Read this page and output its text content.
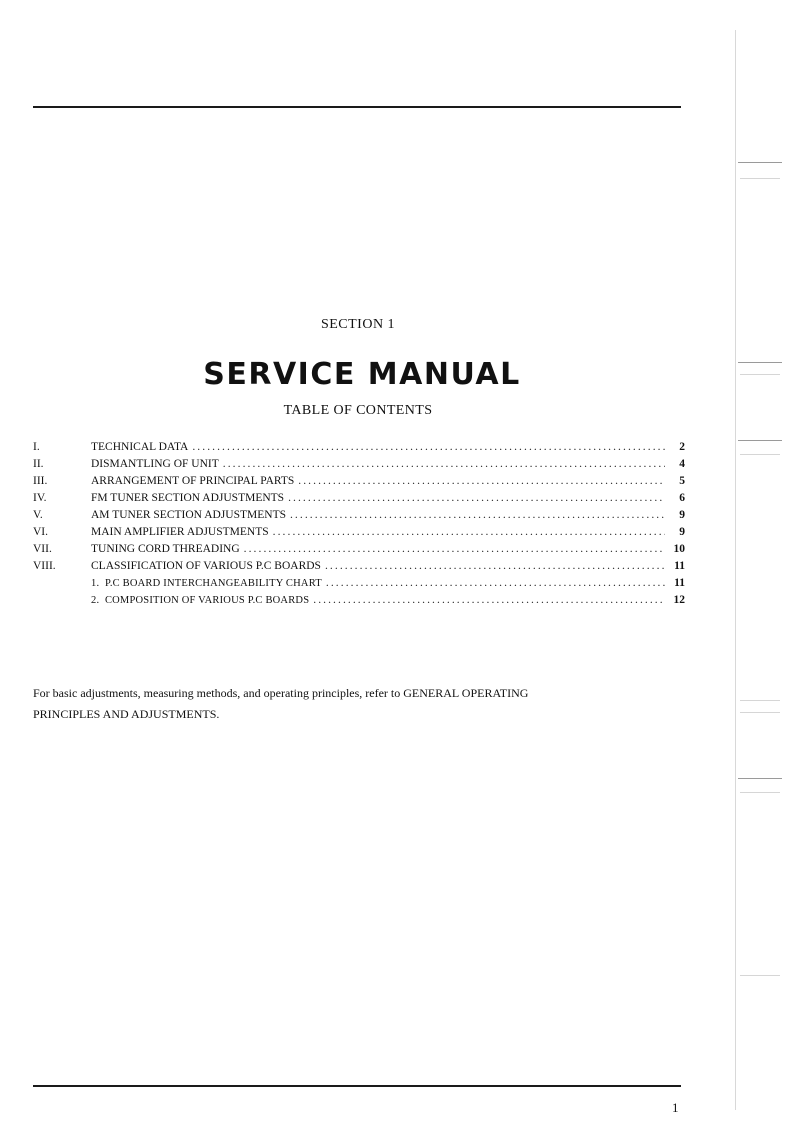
SECTION 1
SERVICE MANUAL
TABLE OF CONTENTS
I.	TECHNICAL DATA . . .	2
II.	DISMANTLING OF UNIT . . .	4
III.	ARRANGEMENT OF PRINCIPAL PARTS . . .	5
IV.	FM TUNER SECTION ADJUSTMENTS . . .	6
V.	AM TUNER SECTION ADJUSTMENTS . . .	9
VI.	MAIN AMPLIFIER ADJUSTMENTS . . .	9
VII.	TUNING CORD THREADING . . .	10
VIII.	CLASSIFICATION OF VARIOUS P.C BOARDS . . .	11
1. P.C BOARD INTERCHANGEABILITY CHART . . .	11
2. COMPOSITION OF VARIOUS P.C BOARDS . . .	12
For basic adjustments, measuring methods, and operating principles, refer to GENERAL OPERATING
PRINCIPLES AND ADJUSTMENTS.
1
